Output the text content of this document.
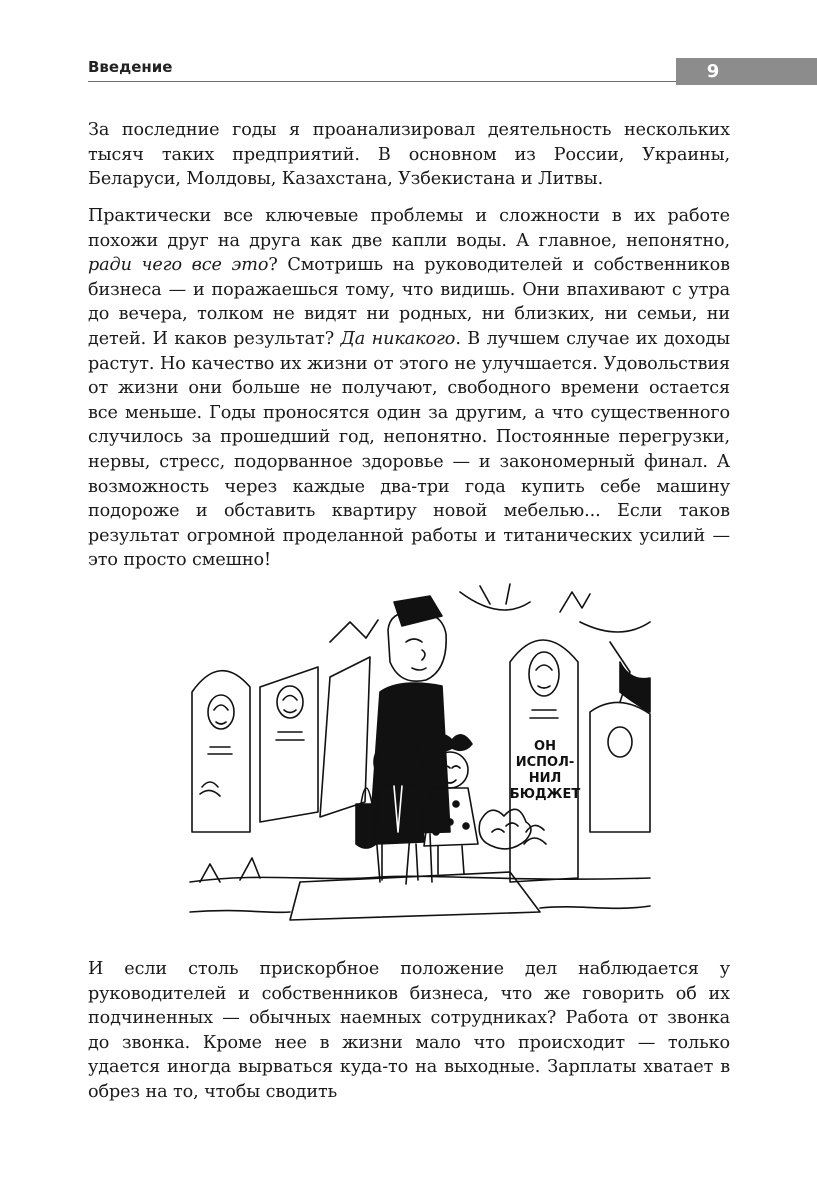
Введение	9

За последние годы я проанализировал деятельность нескольких тысяч таких предприятий. В основном из России, Украины, Беларуси, Молдовы, Казахстана, Узбекистана и Литвы.

Практически все ключевые проблемы и сложности в их работе похожи друг на друга как две капли воды. А главное, непонятно, ради чего все это? Смотришь на руководителей и собственников бизнеса — и поражаешься тому, что видишь. Они впахивают с утра до вечера, толком не видят ни родных, ни близких, ни семьи, ни детей. И каков результат? Да никакого. В лучшем случае их доходы растут. Но качество их жизни от этого не улучшается. Удовольствия от жизни они больше не получают, свободного времени остается все меньше. Годы проносятся один за другим, а что существенного случилось за прошедший год, непонятно. Постоянные перегрузки, нервы, стресс, подорванное здоровье — и закономерный финал. А возможность через каждые два-три года купить себе машину подороже и обставить квартиру новой мебелью... Если таков результат огромной проделанной работы и титанических усилий — это просто смешно!

ОН
ИСПОЛ-
НИЛ
БЮДЖЕТ

И если столь прискорбное положение дел наблюдается у руководителей и собственников бизнеса, что же говорить об их подчиненных — обычных наемных сотрудниках? Работа от звонка до звонка. Кроме нее в жизни мало что происходит — только удается иногда вырваться куда-то на выходные. Зарплаты хватает в обрез на то, чтобы сводить
